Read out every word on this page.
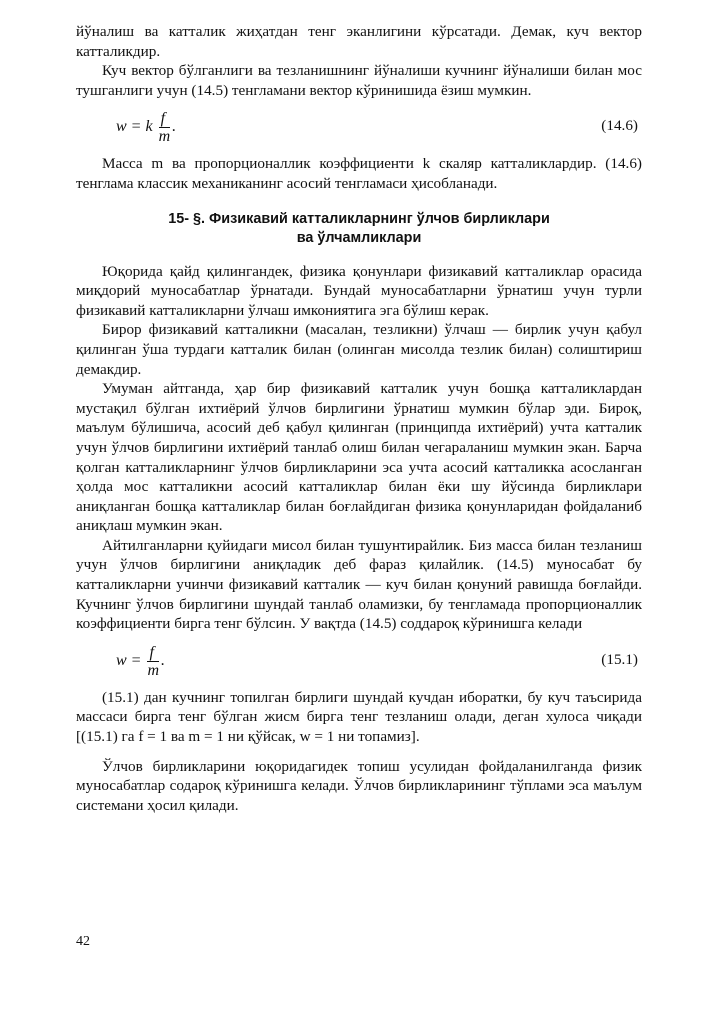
йўналиш ва катталик жиҳатдан тенг эканлигини кўрсатади. Демак, куч вектор катталикдир.

Куч вектор бўлганлиги ва тезланишнинг йўналиши кучнинг йўналиши билан мос тушганлиги учун (14.5) тенгламани вектор кўринишида ёзиш мумкин.

w = k $\frac{f}{m}$ .	(14.6)

Масса m ва пропорционаллик коэффициенти k скаляр катталиклардир. (14.6) тенглама классик механиканинг асосий тенгламаси ҳисобланади.

15- §. Физикавий катталикларнинг ўлчов бирликлари
ва ўлчамликлари

Юқорида қайд қилингандек, физика қонунлари физикавий катталиклар орасида миқдорий муносабатлар ўрнатади. Бундай муносабатларни ўрнатиш учун турли физикавий катталикларни ўлчаш имкониятига эга бўлиш керак.

Бирор физикавий катталикни (масалан, тезликни) ўлчаш — бирлик учун қабул қилинган ўша турдаги катталик билан (олинган мисолда тезлик билан) солиштириш демакдир.

Умуман айтганда, ҳар бир физикавий катталик учун бошқа катталиклардан мустақил бўлган ихтиёрий ўлчов бирлигини ўрнатиш мумкин бўлар эди. Бироқ, маълум бўлишича, асосий деб қабул қилинган (принципда ихтиёрий) учта катталик учун ўлчов бирлигини ихтиёрий танлаб олиш билан чегараланиш мумкин экан. Барча қолган катталикларнинг ўлчов бирликларини эса учта асосий катталикка асосланган ҳолда мос катталикни асосий катталиклар билан ёки шу йўсинда бирликлари аниқланган бошқа катталиклар билан боғлайдиган физика қонунларидан фойдаланиб аниқлаш мумкин экан.

Айтилганларни қуйидаги мисол билан тушунтирайлик. Биз масса билан тезланиш учун ўлчов бирлигини аниқладик деб фараз қилайлик. (14.5) муносабат бу катталикларни учинчи физикавий катталик — куч билан қонуний равишда боғлайди. Кучнинг ўлчов бирлигини шундай танлаб оламизки, бу тенгламада пропорционаллик коэффициенти бирга тенг бўлсин. У вақтда (14.5) соддароқ кўринишга келади

$w = \frac{f}{m}$ .	(15.1)

(15.1) дан кучнинг топилган бирлиги шундай кучдан иборатки, бу куч таъсирида массаси бирга тенг бўлган жисм бирга тенг тезланиш олади, деган хулоса чиқади [(15.1) га f = 1 ва m = 1 ни қўйсак, w = 1 ни топамиз].

Ўлчов бирликларини юқоридагидек топиш усулидан фойдаланилганда физик муносабатлар содароқ кўринишга келади. Ўлчов бирликларининг тўплами эса маълум системани ҳосил қилади.

42
